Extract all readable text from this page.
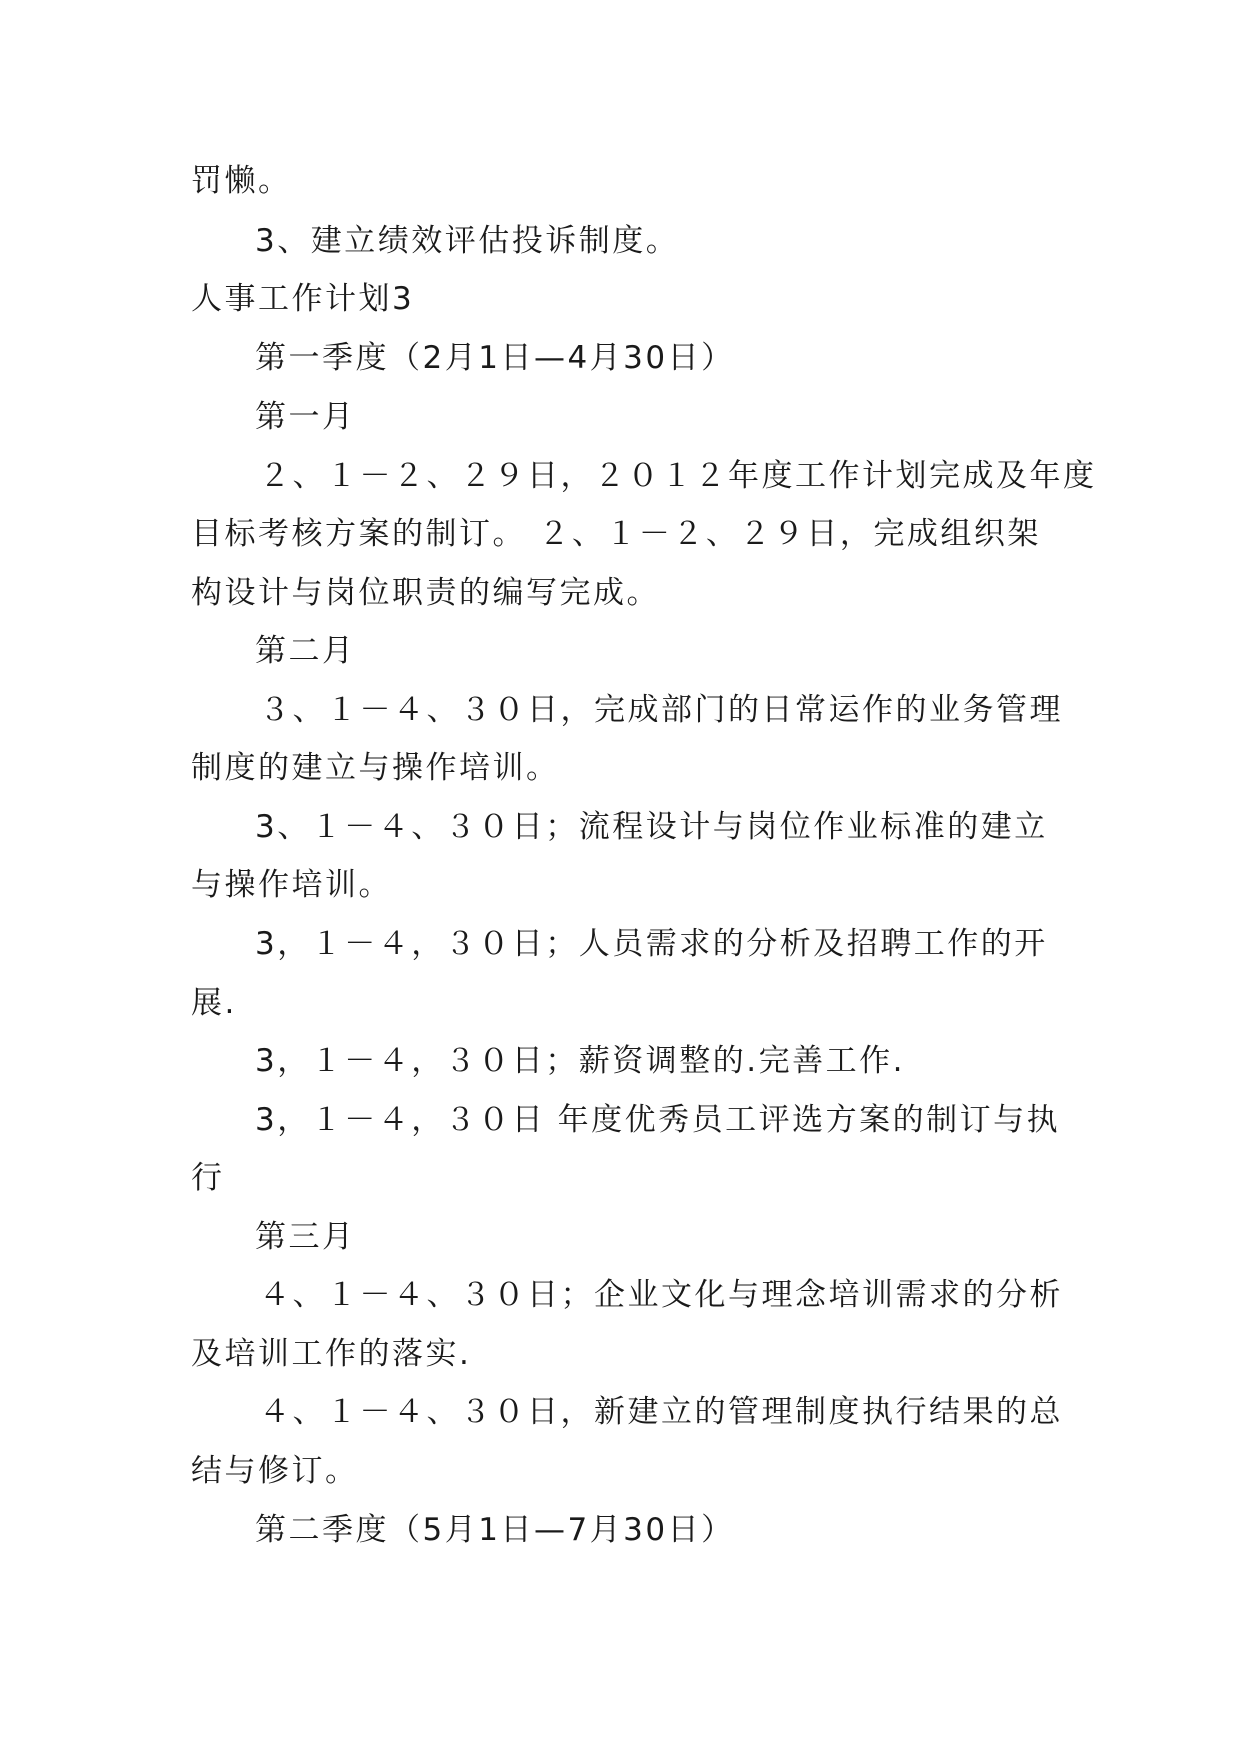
罚懒。
3、建立绩效评估投诉制度。
人事工作计划3
第一季度（2月1日—4月30日）
第一月
２、１－２、２９日，２０１２年度工作计划完成及年度
目标考核方案的制订。 ２、１－２、２９日，完成组织架
构设计与岗位职责的编写完成。
第二月
３、１－４、３０日，完成部门的日常运作的业务管理
制度的建立与操作培训。
3、１－４、３０日；流程设计与岗位作业标准的建立
与操作培训。
3，１－４，３０日；人员需求的分析及招聘工作的开
展.
3，１－４，３０日；薪资调整的.完善工作.
3，１－４，３０日 年度优秀员工评选方案的制订与执
行
第三月
４、１－４、３０日；企业文化与理念培训需求的分析
及培训工作的落实.
４、１－４、３０日，新建立的管理制度执行结果的总
结与修订。
第二季度（5月1日—7月30日）
